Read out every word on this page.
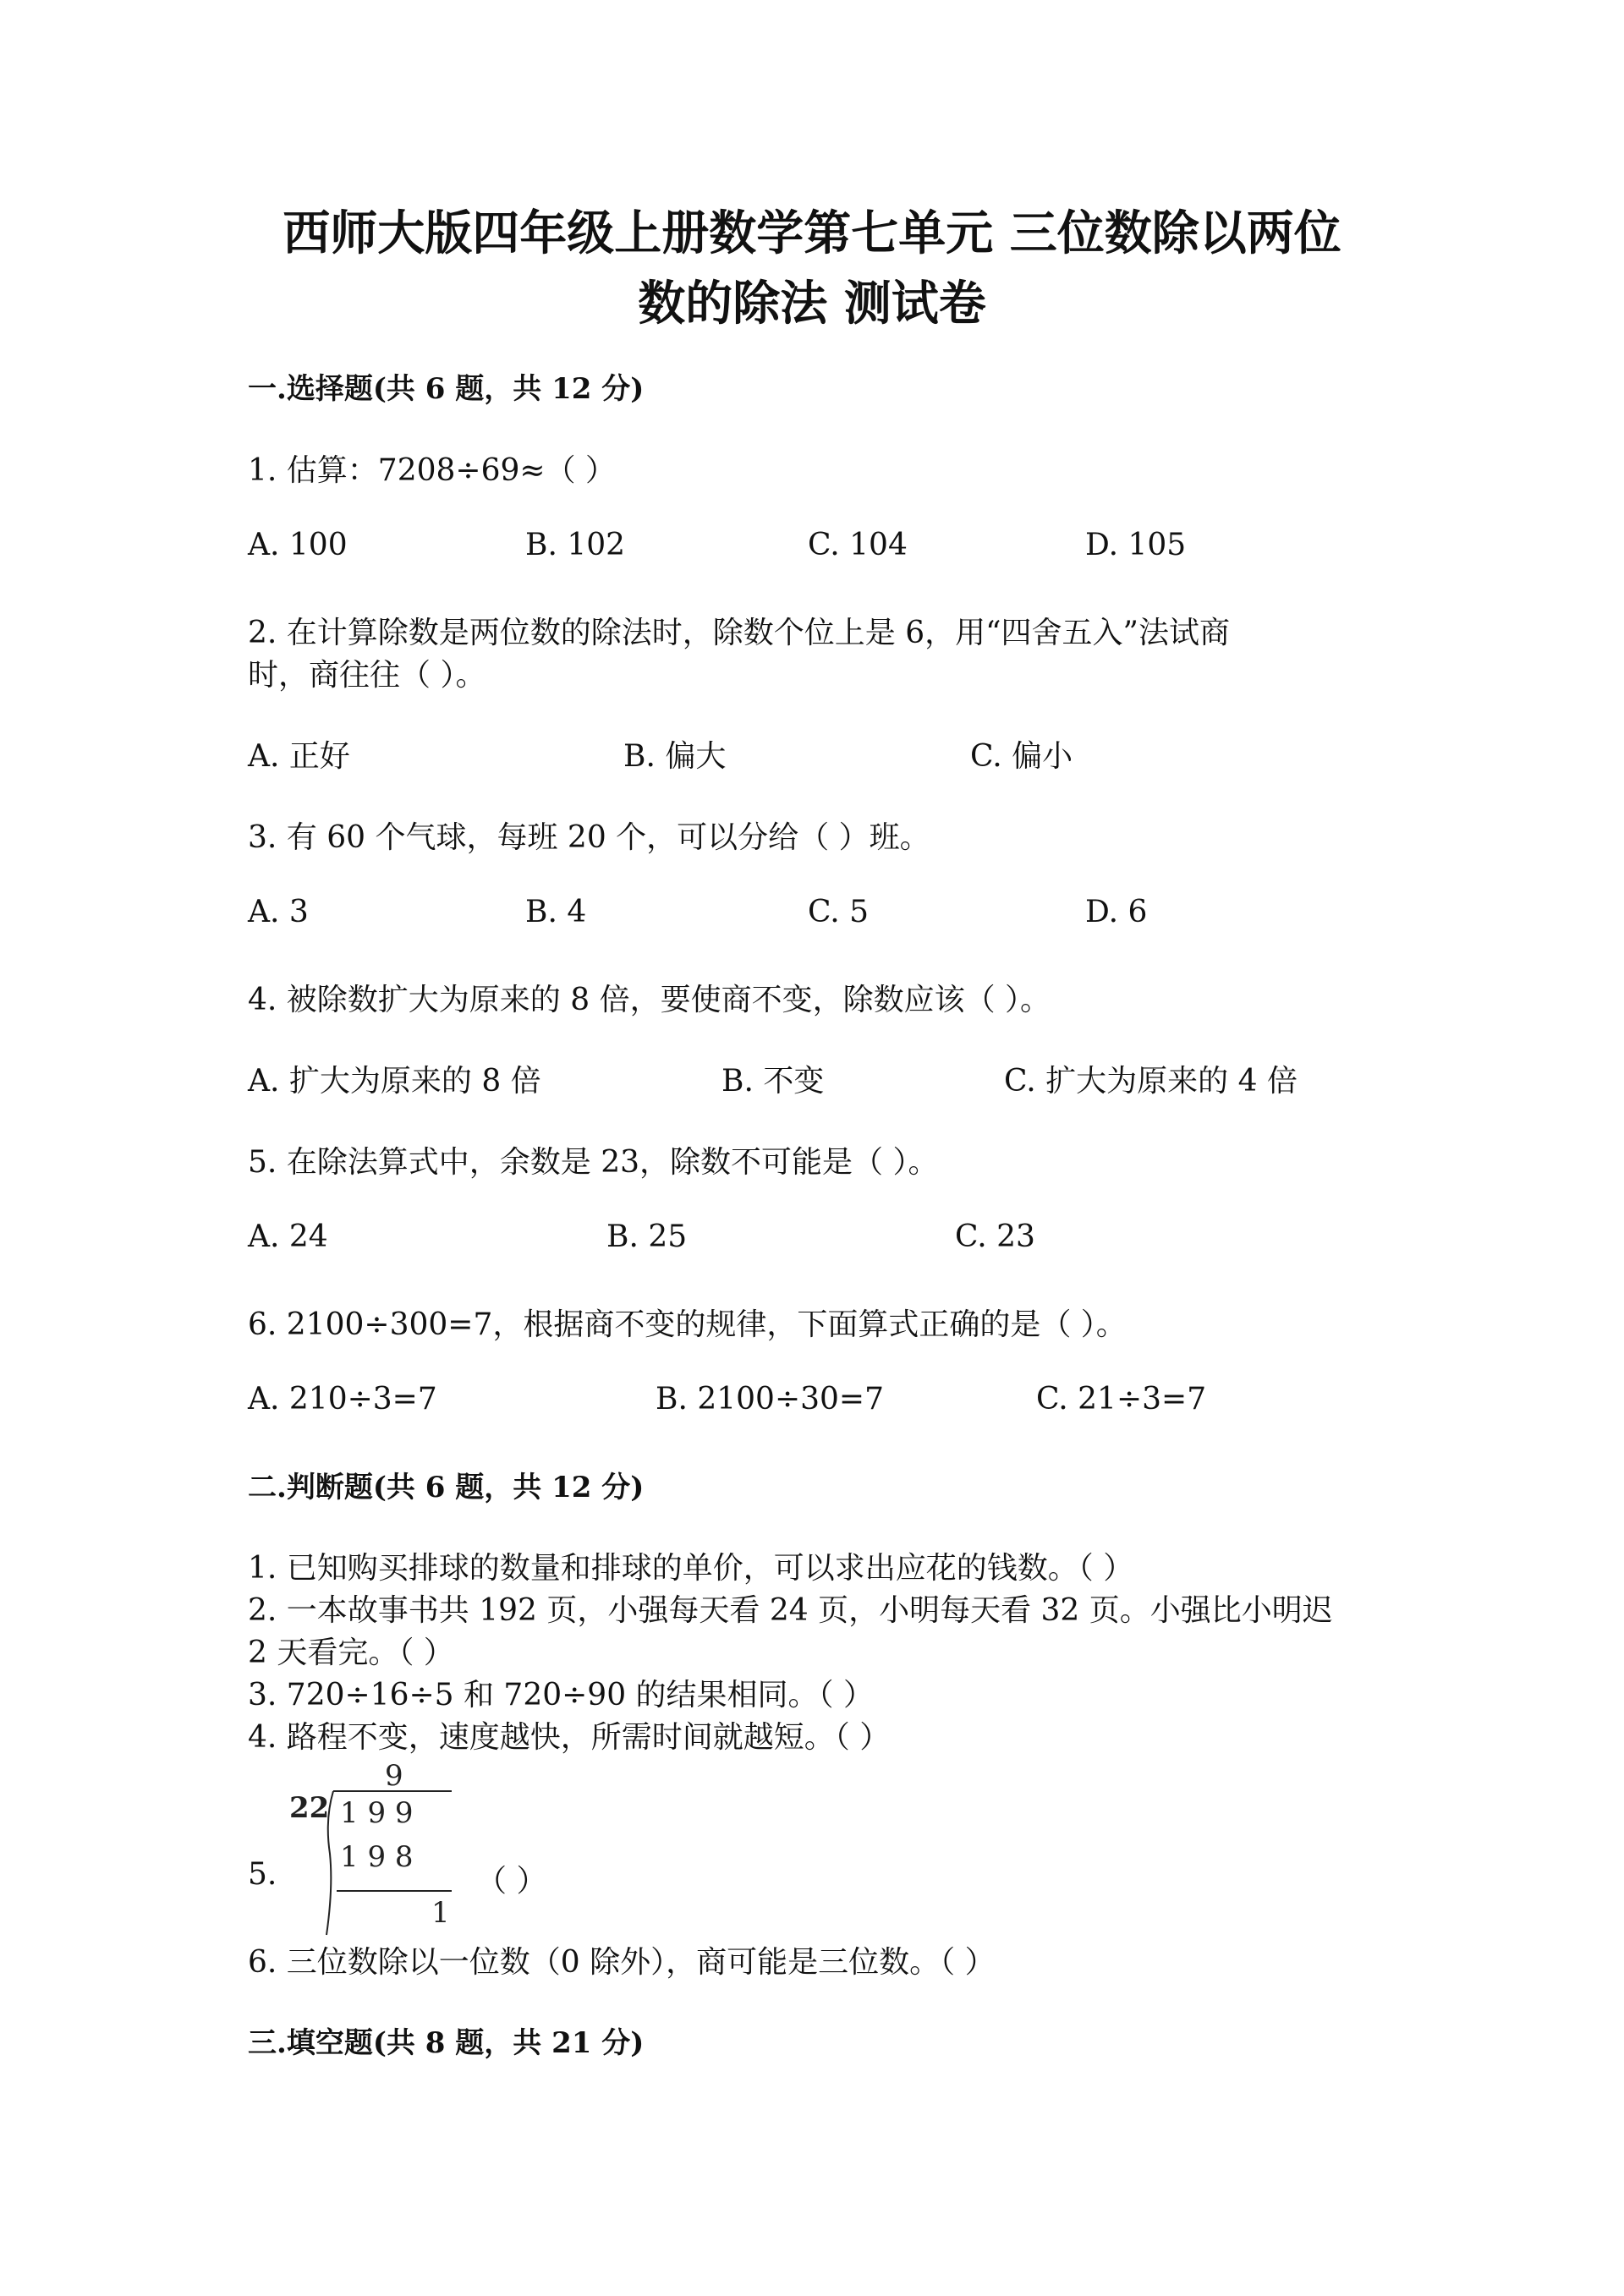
西师大版四年级上册数学第七单元 三位数除以两位
数的除法 测试卷
一.选择题(共 6 题，共 12 分)
1. 估算：7208÷69≈（ ）
A. 100	B. 102	C. 104	D. 105
2. 在计算除数是两位数的除法时，除数个位上是 6，用“四舍五入”法试商
时，商往往（ ）。
A. 正好	B. 偏大	C. 偏小
3. 有 60 个气球，每班 20 个，可以分给（ ）班。
A. 3	B. 4	C. 5	D. 6
4. 被除数扩大为原来的 8 倍，要使商不变，除数应该（ ）。
A. 扩大为原来的 8 倍	B. 不变	C. 扩大为原来的 4 倍
5. 在除法算式中，余数是 23，除数不可能是（ ）。
A. 24	B. 25	C. 23
6. 2100÷300=7，根据商不变的规律，下面算式正确的是（ ）。
A. 210÷3=7	B. 2100÷30=7	C. 21÷3=7
二.判断题(共 6 题，共 12 分)
1. 已知购买排球的数量和排球的单价，可以求出应花的钱数。（ ）
2. 一本故事书共 192 页，小强每天看 24 页，小明每天看 32 页。小强比小明迟
2 天看完。（ ）
3. 720÷16÷5 和 720÷90 的结果相同。（ ）
4. 路程不变，速度越快，所需时间就越短。（ ）
5.
9
22 1 9 9
1 9 8
1
（ ）
6. 三位数除以一位数（0 除外），商可能是三位数。（ ）
三.填空题(共 8 题，共 21 分)
